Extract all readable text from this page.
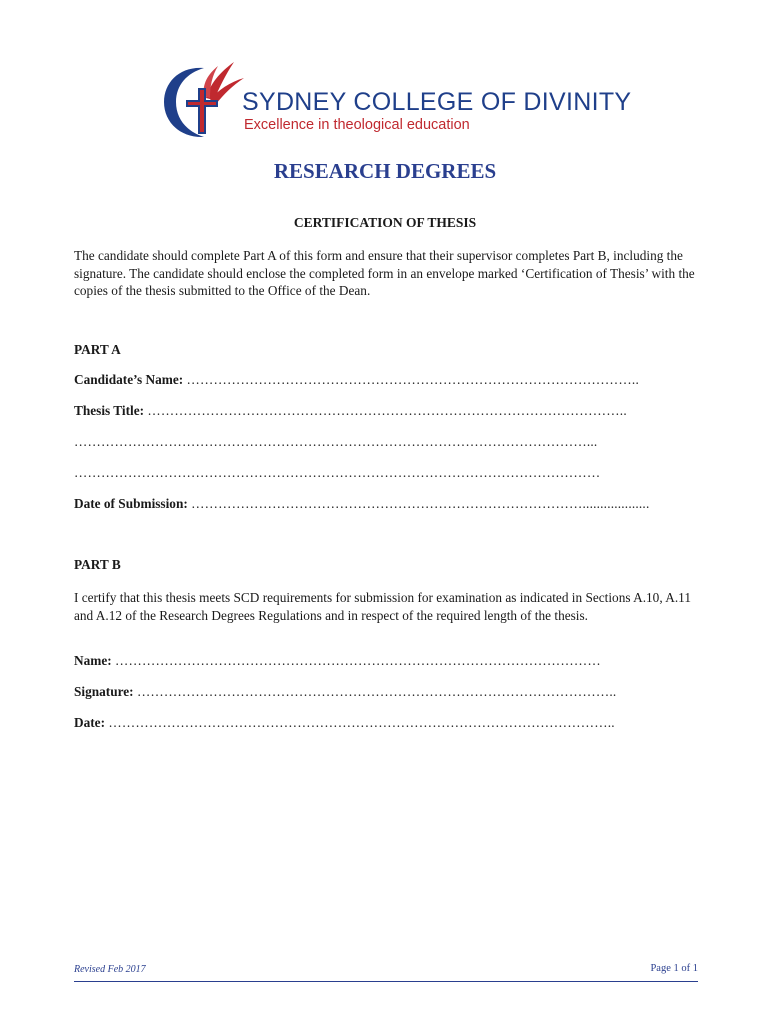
SYDNEY COLLEGE OF DIVINITY
Excellence in theological education
RESEARCH DEGREES
CERTIFICATION OF THESIS
The candidate should complete Part A of this form and ensure that their supervisor completes Part B, including the signature. The candidate should enclose the completed form in an envelope marked ‘Certification of Thesis’ with the copies of the thesis submitted to the Office of the Dean.
PART A
Candidate’s Name: ………………………………………………………………………………………..
Thesis Title: ……………………………………………………………………………………………..
……………………………………………………………………………………………………...
………………………………………………………………………………………………………
Date of Submission: ……………………………………………………………………………...................
PART B
I certify that this thesis meets SCD requirements for submission for examination as indicated in Sections A.10, A.11 and A.12 of the Research Degrees Regulations and in respect of the required length of the thesis.
Name: ………………………………………………………………………………………………
Signature: ……………………………………………………………………………………………..
Date: …………………………………………………………………………………………………..
Revised Feb 2017	Page 1 of 1
